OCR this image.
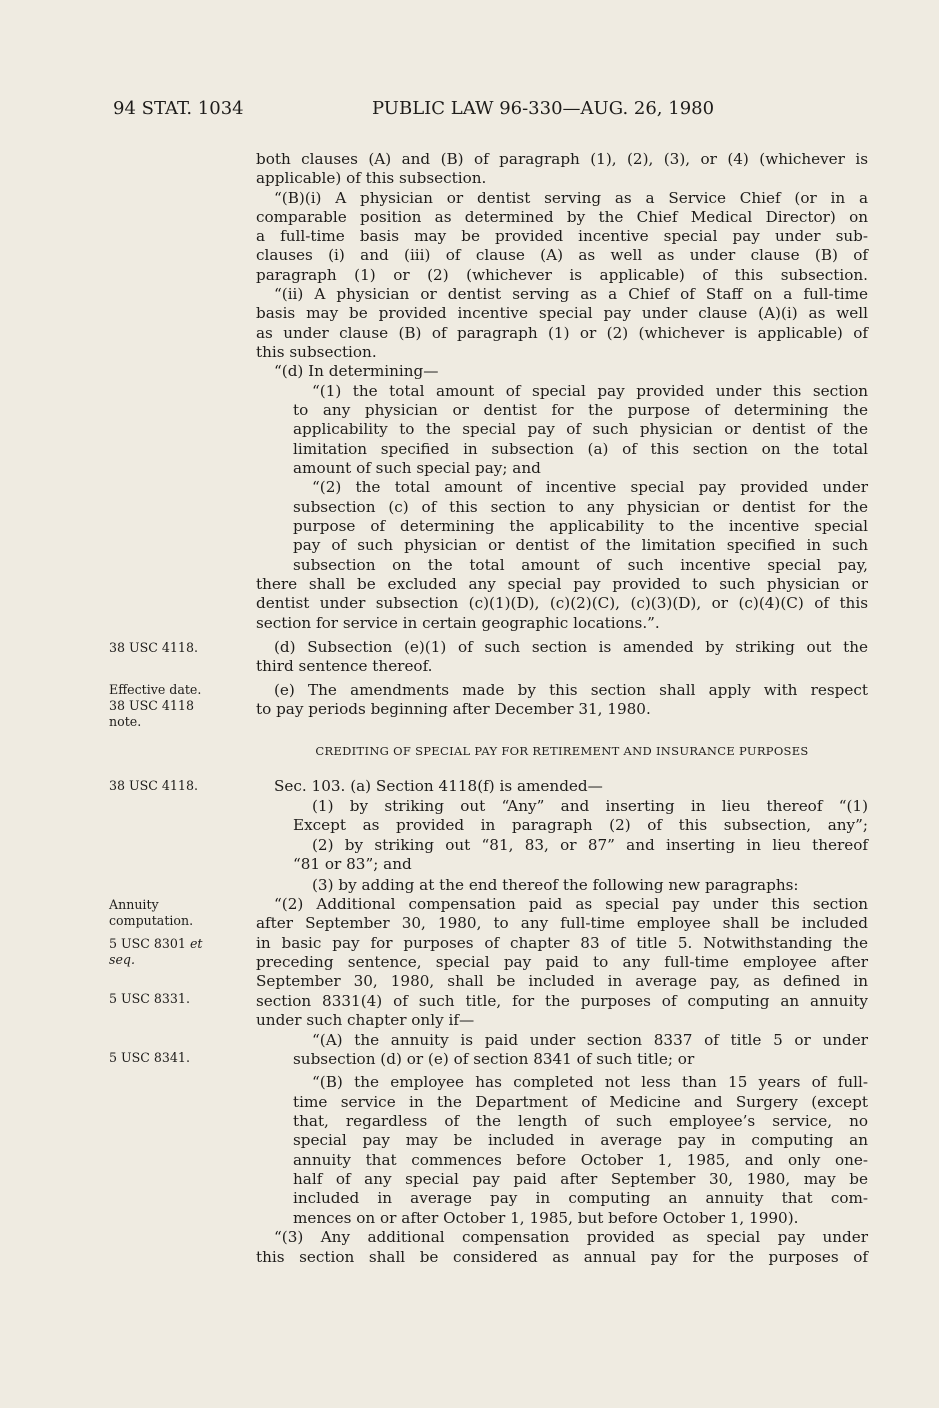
94 STAT. 1034	PUBLIC LAW 96-330—AUG. 26, 1980
both clauses (A) and (B) of paragraph (1), (2), (3), or (4) (whichever is
applicable) of this subsection.
“(B)(i) A physician or dentist serving as a Service Chief (or in a
comparable position as determined by the Chief Medical Director) on
a full-time basis may be provided incentive special pay under sub-
clauses (i) and (iii) of clause (A) as well as under clause (B) of
paragraph (1) or (2) (whichever is applicable) of this subsection.
“(ii) A physician or dentist serving as a Chief of Staff on a full-time
basis may be provided incentive special pay under clause (A)(i) as well
as under clause (B) of paragraph (1) or (2) (whichever is applicable) of
this subsection.
“(d) In determining—
“(1) the total amount of special pay provided under this section
to any physician or dentist for the purpose of determining the
applicability to the special pay of such physician or dentist of the
limitation specified in subsection (a) of this section on the total
amount of such special pay; and
“(2) the total amount of incentive special pay provided under
subsection (c) of this section to any physician or dentist for the
purpose of determining the applicability to the incentive special
pay of such physician or dentist of the limitation specified in such
subsection on the total amount of such incentive special pay,
there shall be excluded any special pay provided to such physician or
dentist under subsection (c)(1)(D), (c)(2)(C), (c)(3)(D), or (c)(4)(C) of this
section for service in certain geographic locations.”.
(d) Subsection (e)(1) of such section is amended by striking out the
third sentence thereof.
(e) The amendments made by this section shall apply with respect
to pay periods beginning after December 31, 1980.
CREDITING OF SPECIAL PAY FOR RETIREMENT AND INSURANCE PURPOSES
Sec. 103. (a) Section 4118(f) is amended—
(1) by striking out “Any” and inserting in lieu thereof “(1)
Except as provided in paragraph (2) of this subsection, any”;
(2) by striking out “81, 83, or 87” and inserting in lieu thereof
“81 or 83”; and
(3) by adding at the end thereof the following new paragraphs:
“(2) Additional compensation paid as special pay under this section
after September 30, 1980, to any full-time employee shall be included
in basic pay for purposes of chapter 83 of title 5. Notwithstanding the
preceding sentence, special pay paid to any full-time employee after
September 30, 1980, shall be included in average pay, as defined in
section 8331(4) of such title, for the purposes of computing an annuity
under such chapter only if—
“(A) the annuity is paid under section 8337 of title 5 or under
subsection (d) or (e) of section 8341 of such title; or
“(B) the employee has completed not less than 15 years of full-
time service in the Department of Medicine and Surgery (except
that, regardless of the length of such employee’s service, no
special pay may be included in average pay in computing an
annuity that commences before October 1, 1985, and only one-
half of any special pay paid after September 30, 1980, may be
included in average pay in computing an annuity that com-
mences on or after October 1, 1985, but before October 1, 1990).
“(3) Any additional compensation provided as special pay under
this section shall be considered as annual pay for the purposes of
38 USC 4118.
Effective date.
38 USC 4118
note.
38 USC 4118.
Annuity
computation.
5 USC 8301 et
seq.
5 USC 8331.
5 USC 8341.
